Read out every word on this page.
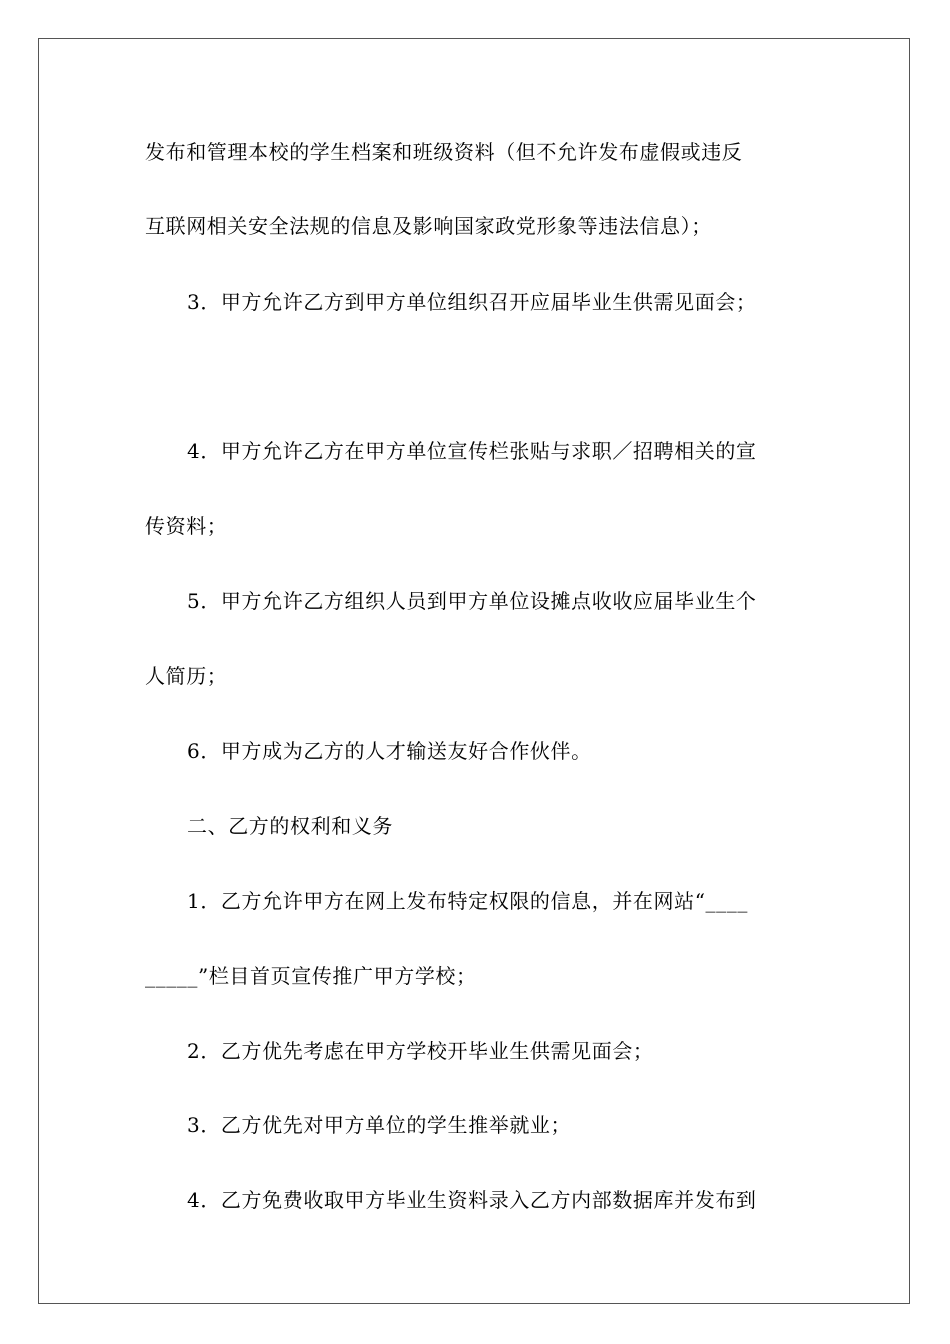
发布和管理本校的学生档案和班级资料（但不允许发布虚假或违反
互联网相关安全法规的信息及影响国家政党形象等违法信息）；
3．甲方允许乙方到甲方单位组织召开应届毕业生供需见面会；
4．甲方允许乙方在甲方单位宣传栏张贴与求职／招聘相关的宣
传资料；
5．甲方允许乙方组织人员到甲方单位设摊点收收应届毕业生个
人简历；
6．甲方成为乙方的人才输送友好合作伙伴。
二、乙方的权利和义务
1．乙方允许甲方在网上发布特定权限的信息，并在网站“____
_____”栏目首页宣传推广甲方学校；
2．乙方优先考虑在甲方学校开毕业生供需见面会；
3．乙方优先对甲方单位的学生推举就业；
4．乙方免费收取甲方毕业生资料录入乙方内部数据库并发布到
